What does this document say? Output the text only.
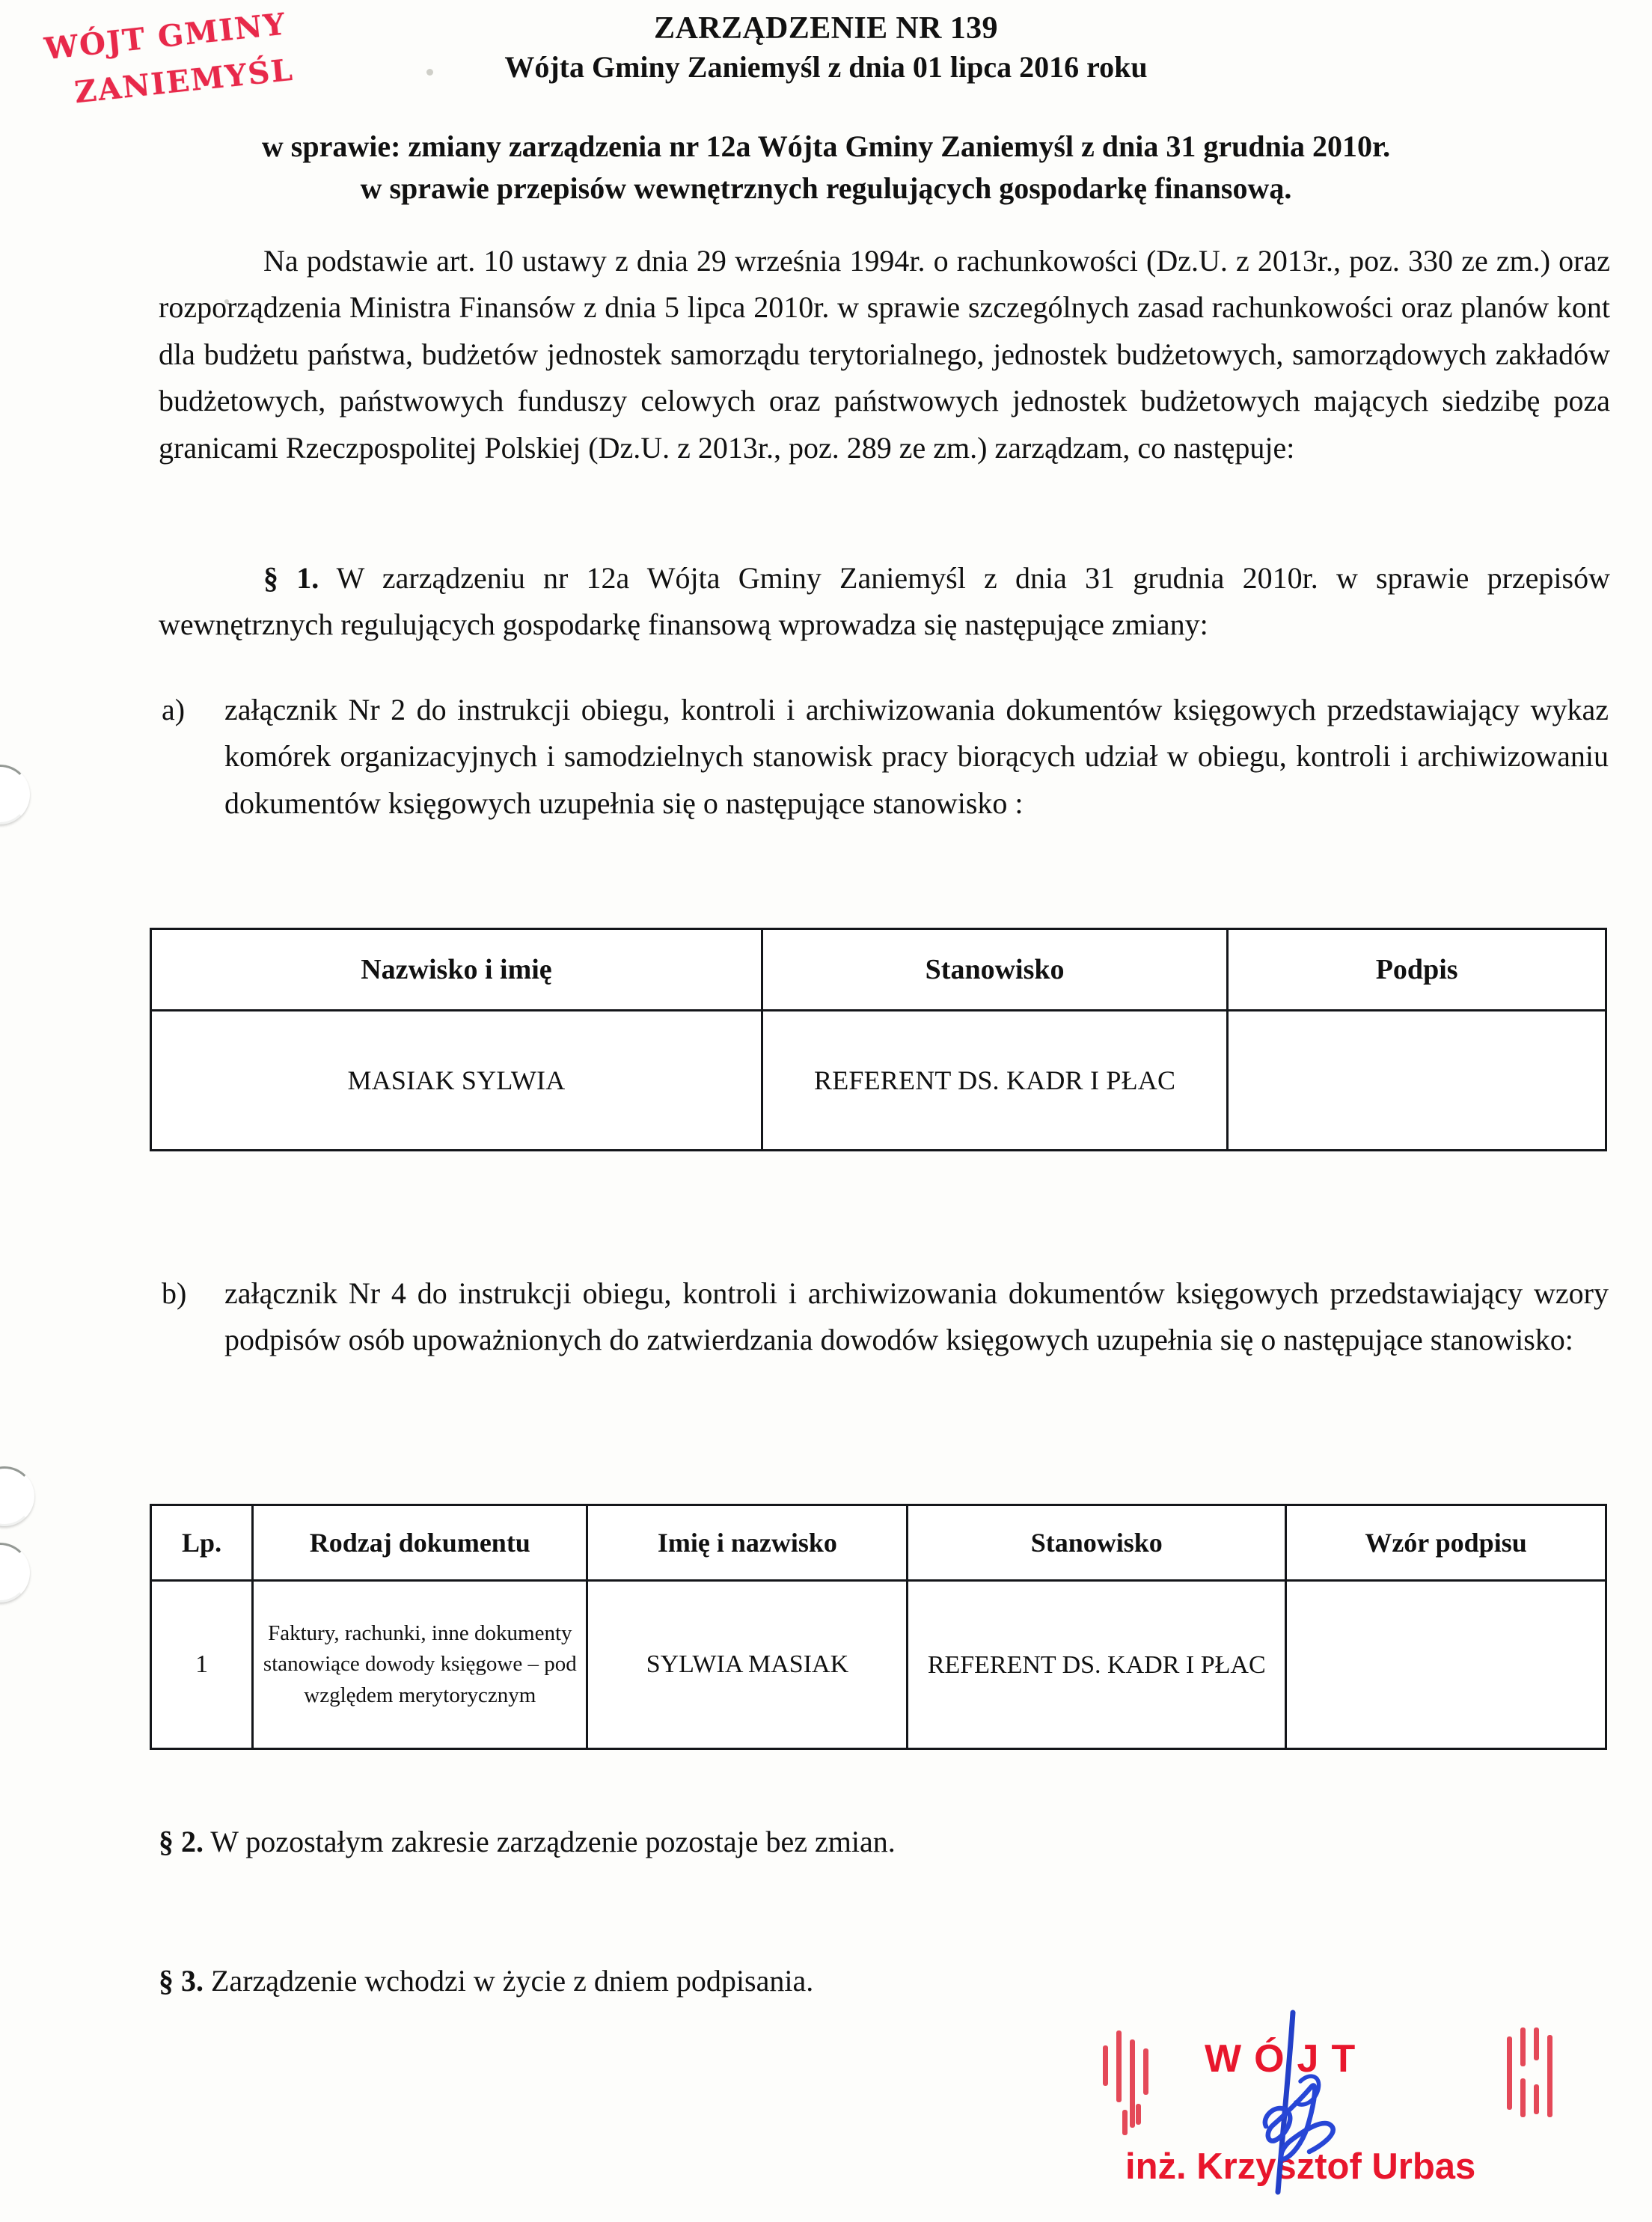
WÓJT GMINY
ZANIEMYŚL
ZARZĄDZENIE NR 139
Wójta Gminy Zaniemyśl z dnia 01 lipca 2016 roku
w sprawie: zmiany zarządzenia nr 12a Wójta Gminy Zaniemyśl z dnia 31 grudnia 2010r.
w sprawie przepisów wewnętrznych regulujących gospodarkę finansową.

Na podstawie art. 10 ustawy z dnia 29 września 1994r. o rachunkowości (Dz.U. z 2013r., poz. 330 ze zm.) oraz rozporządzenia Ministra Finansów z dnia 5 lipca 2010r. w sprawie szczególnych zasad rachunkowości oraz planów kont dla budżetu państwa, budżetów jednostek samorządu terytorialnego, jednostek budżetowych, samorządowych zakładów budżetowych, państwowych funduszy celowych oraz państwowych jednostek budżetowych mających siedzibę poza granicami Rzeczpospolitej Polskiej (Dz.U. z 2013r., poz. 289 ze zm.) zarządzam, co następuje:

§ 1. W zarządzeniu nr 12a Wójta Gminy Zaniemyśl z dnia 31 grudnia 2010r. w sprawie przepisów wewnętrznych regulujących gospodarkę finansową wprowadza się następujące zmiany:

a) załącznik Nr 2 do instrukcji obiegu, kontroli i archiwizowania dokumentów księgowych przedstawiający wykaz komórek organizacyjnych i samodzielnych stanowisk pracy biorących udział w obiegu, kontroli i archiwizowaniu dokumentów księgowych uzupełnia się o następujące stanowisko :
Nazwisko i imię	Stanowisko	Podpis
MASIAK SYLWIA	REFERENT DS. KADR I PŁAC	
b) załącznik Nr 4 do instrukcji obiegu, kontroli i archiwizowania dokumentów księgowych przedstawiający wzory podpisów osób upoważnionych do zatwierdzania dowodów księgowych uzupełnia się o następujące stanowisko:
Lp.	Rodzaj dokumentu	Imię i nazwisko	Stanowisko	Wzór podpisu
1	Faktury, rachunki, inne dokumenty stanowiące dowody księgowe – pod względem merytorycznym	SYLWIA MASIAK	REFERENT DS. KADR I PŁAC	
§ 2. W pozostałym zakresie zarządzenie pozostaje bez zmian.
§ 3. Zarządzenie wchodzi w życie z dniem podpisania.
WÓJT
inż. Krzysztof Urbas
